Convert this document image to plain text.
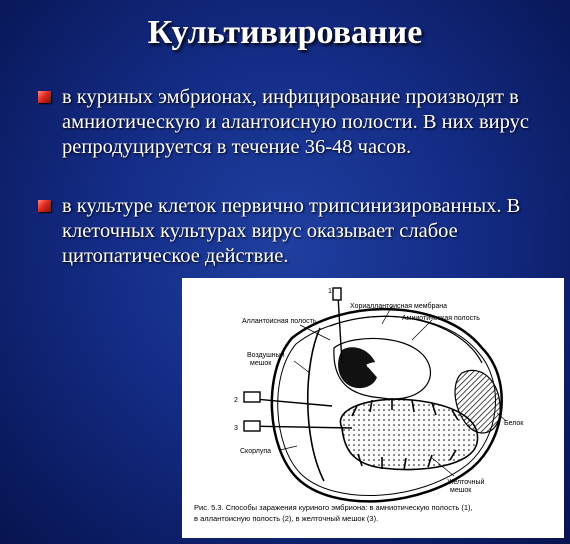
Культивирование
в куриных эмбрионах, инфицирование производят в амниотическую и алантоисную полости. В них вирус репродуцируется в течение 36-48 часов.
в культуре клеток первично трипсинизированных. В клеточных культурах вирус оказывает слабое цитопатическое действие.
Хориаллантоисная мембрана
Аллантоисная полость	Амниотическая полость
Воздушный
мешок
Белок
Желточный
мешок
Скорлупа
1
2
3
Рис. 5.3. Способы заражения куриного эмбриона: в амниотическую полость (1),
в аллантоисную полость (2), в желточный мешок (3).
